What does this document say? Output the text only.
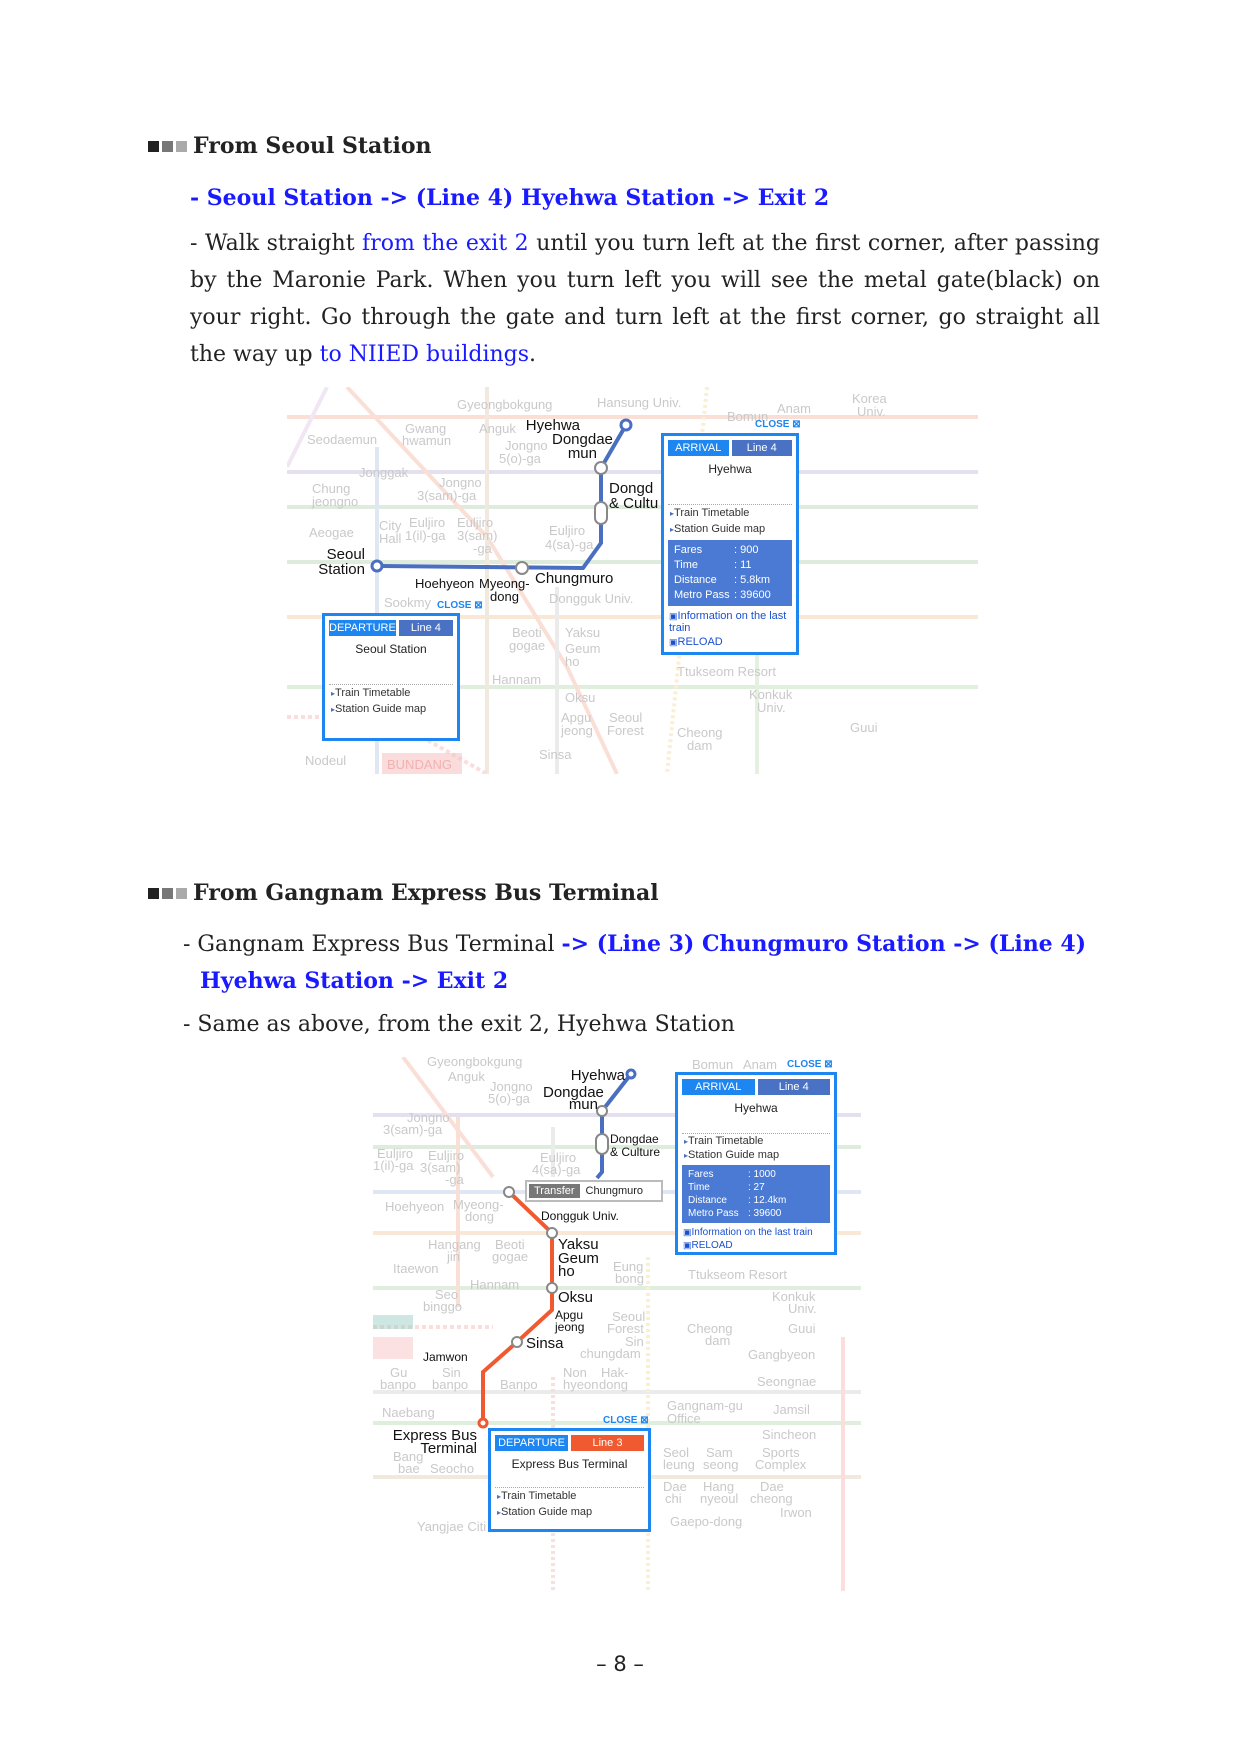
From Seoul Station
- Seoul Station -> (Line 4) Hyehwa Station -> Exit 2
- Walk straight from the exit 2 until you turn left at the first corner, after passing by the Maronie Park. When you turn left you will see the metal gate(black) on your right. Go through the gate and turn left at the first corner, go straight all the way up to NIIED buildings.
Gyeongbokgung	Hansung Univ.
Bomun
Anam
Seodaemun
Gwang
hwamun
Anguk
Jongno
5(o)-ga
Jonggak
Jongno
3(sam)-ga
Chung
jeongno
Aeogae City
Hall
Euljiro
1(il)-ga
Euljiro
3(sam)
-ga
Euljiro
4(sa)-ga
Sookmy
Yaksu
Hannam
Oksu
Ttukseom Resort
Konkuk
Univ.
Cheong
dam
Sinsa
Nodeul
Dongguk Univ.
Beoti
gogae
Apgu
jeong
Seoul
Forest
BUNDANG
Korea
Univ.
Geum
ho
Guui
Hyehwa
Dongdae
mun
Dongd
& Cultu
Seoul
Station
Hoehyeon Myeong-
dong
Chungmuro
CLOSE ⊠
ARRIVAL	Line 4
Hyehwa
▸ Train Timetable
▸ Station Guide map
Fares	: 900
Time	: 11
Distance	: 5.8km
Metro Pass : 39600
▣ Information on the last train
▣ RELOAD
CLOSE ⊠
DEPARTURE	Line 4
Seoul Station
▸ Train Timetable
▸ Station Guide map
From Gangnam Express Bus Terminal
- Gangnam Express Bus Terminal -> (Line 3) Chungmuro Station -> (Line 4)
Hyehwa Station -> Exit 2
- Same as above, from the exit 2, Hyehwa Station
Gyeongbokgung
Anguk
Jongno
5(o)-ga
Jongno
3(sam)-ga
Euljiro
1(il)-ga
Euljiro
3(sam)
-ga
Euljiro
4(sa)-ga
Hoehyeon Myeong-
dong
Hangang
jin
Beoti
gogae
Itaewon
Hannam
Seo
binggo
Seoul
Forest
Sin
chungdam
Gu
banpo
Sin
banpo Banpo
Non
hyeon
Hak-
dong
Naebang
Bang
bae Seocho
Gangnam-gu
Office
Seol
leung
Sam
seong
Sports
Complex
Ttukseom Resort
Konkuk
Univ.
Cheong
dam
Guui
Gangbyeon
Seongnae
Jamsil
Sincheon
Gaepo-dong
Yangjae Citi
Bomun Anam
Eung
bong
Dae
chi
Hang
nyeoul
Dae
cheong
Irwon
Hyehwa
Dongdae
mun
Dongdae
& Culture
Dongguk Univ.
Yaksu
Geum
ho
Oksu
Apgu
jeong
Sinsa
Jamwon
Express Bus
Terminal
Transfer	Chungmuro
CLOSE ⊠
ARRIVAL	Line 4
Hyehwa
▸ Train Timetable
▸ Station Guide map
Fares	: 1000
Time	: 27
Distance	: 12.4km
Metro Pass : 39600
▣ Information on the last train
▣ RELOAD
CLOSE ⊠
DEPARTURE	Line 3
Express Bus Terminal
▸ Train Timetable
▸ Station Guide map
– 8 –
